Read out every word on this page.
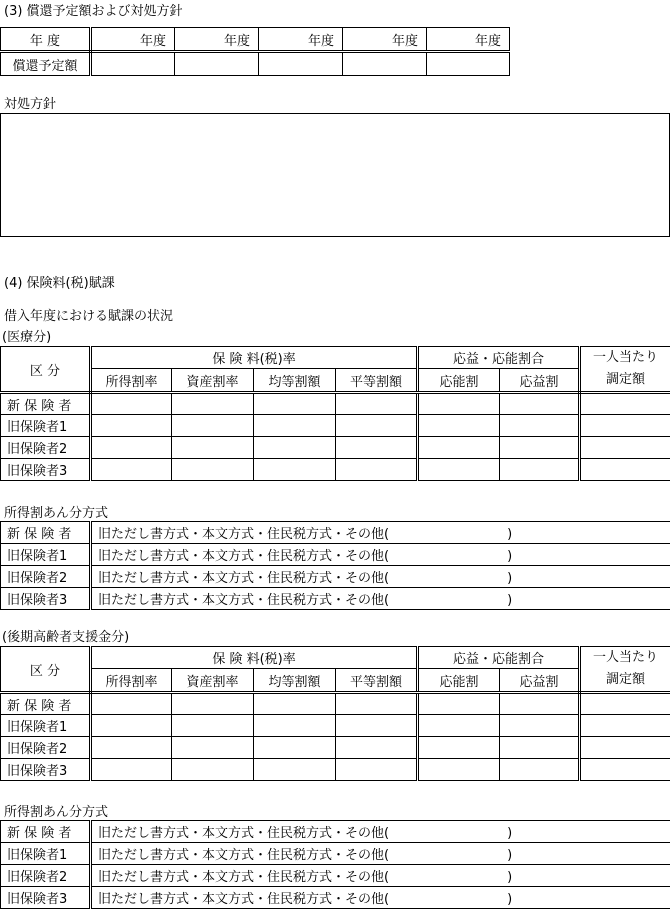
(3) 償還予定額および対処方針
年 度	年度	年度	年度	年度	年度
償還予定額					
対処方針
(4) 保険料(税)賦課
借入年度における賦課の状況
(医療分)
区 分	保 険 料(税)率				応益・応能割合		一人当たり
調定額

	所得割率	資産割率	均等割額	平等割額	応能割	応益割	
新 保 険 者							
旧保険者1							
旧保険者2							
旧保険者3							
所得割あん分方式
新 保 険 者	旧ただし書方式・本文方式・住民税方式・その他( )
旧保険者1	旧ただし書方式・本文方式・住民税方式・その他( )
旧保険者2	旧ただし書方式・本文方式・住民税方式・その他( )
旧保険者3	旧ただし書方式・本文方式・住民税方式・その他( )
(後期高齢者支援金分)
区 分	保 険 料(税)率				応益・応能割合		一人当たり
調定額

	所得割率	資産割率	均等割額	平等割額	応能割	応益割	
新 保 険 者							
旧保険者1							
旧保険者2							
旧保険者3							
所得割あん分方式
新 保 険 者	旧ただし書方式・本文方式・住民税方式・その他( )
旧保険者1	旧ただし書方式・本文方式・住民税方式・その他( )
旧保険者2	旧ただし書方式・本文方式・住民税方式・その他( )
旧保険者3	旧ただし書方式・本文方式・住民税方式・その他( )
